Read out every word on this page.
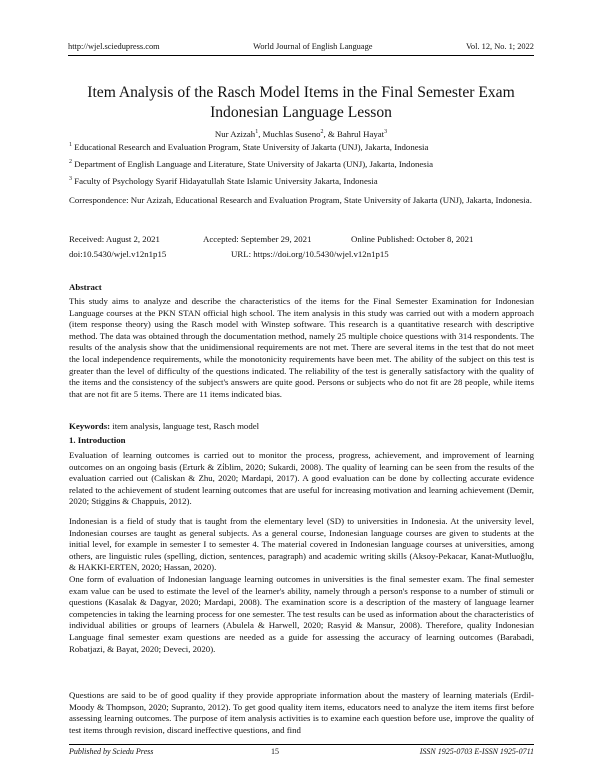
http://wjel.sciedupress.com	World Journal of English Language	Vol. 12, No. 1; 2022
Item Analysis of the Rasch Model Items in the Final Semester Exam
Indonesian Language Lesson
Nur Azizah$^1$, Muchlas Suseno$^2$, & Bahrul Hayat$^3$
$^1$ Educational Research and Evaluation Program, State University of Jakarta (UNJ), Jakarta, Indonesia
$^2$ Department of English Language and Literature, State University of Jakarta (UNJ), Jakarta, Indonesia
$^3$ Faculty of Psychology Syarif Hidayatullah State Islamic University Jakarta, Indonesia
Correspondence: Nur Azizah, Educational Research and Evaluation Program, State University of Jakarta (UNJ), Jakarta, Indonesia.
Received: August 2, 2021	Accepted: September 29, 2021	Online Published: October 8, 2021
doi:10.5430/wjel.v12n1p15	URL: https://doi.org/10.5430/wjel.v12n1p15
Abstract
This study aims to analyze and describe the characteristics of the items for the Final Semester Examination for Indonesian Language courses at the PKN STAN official high school. The item analysis in this study was carried out with a modern approach (item response theory) using the Rasch model with Winstep software. This research is a quantitative research with descriptive method. The data was obtained through the documentation method, namely 25 multiple choice questions with 314 respondents. The results of the analysis show that the unidimensional requirements are not met. There are several items in the test that do not meet the local independence requirements, while the monotonicity requirements have been met. The ability of the subject on this test is greater than the level of difficulty of the questions indicated. The reliability of the test is generally satisfactory with the quality of the items and the consistency of the subject's answers are quite good. Persons or subjects who do not fit are 28 people, while items that are not fit are 5 items. There are 11 items indicated bias.
Keywords: item analysis, language test, Rasch model
1. Introduction
Evaluation of learning outcomes is carried out to monitor the process, progress, achievement, and improvement of learning outcomes on an ongoing basis (Erturk & Zi̇blim, 2020; Sukardi, 2008). The quality of learning can be seen from the results of the evaluation carried out (Caliskan & Zhu, 2020; Mardapi, 2017). A good evaluation can be done by collecting accurate evidence related to the achievement of student learning outcomes that are useful for increasing motivation and learning achievement (Demir, 2020; Stiggins & Chappuis, 2012).
Indonesian is a field of study that is taught from the elementary level (SD) to universities in Indonesia. At the university level, Indonesian courses are taught as general subjects. As a general course, Indonesian language courses are given to students at the initial level, for example in semester I to semester 4. The material covered in Indonesian language courses at universities, among others, are linguistic rules (spelling, diction, sentences, paragraph) and academic writing skills (Aksoy-Pekacar, Kanat-Mutluoğlu, & HAKKI-ERTEN, 2020; Hassan, 2020).
One form of evaluation of Indonesian language learning outcomes in universities is the final semester exam. The final semester exam value can be used to estimate the level of the learner's ability, namely through a person's response to a number of stimuli or questions (Kasalak & Dagyar, 2020; Mardapi, 2008). The examination score is a description of the mastery of language learner competencies in taking the learning process for one semester. The test results can be used as information about the characteristics of individual abilities or groups of learners (Abulela & Harwell, 2020; Rasyid & Mansur, 2008). Therefore, quality Indonesian Language final semester exam questions are needed as a guide for assessing the accuracy of learning outcomes (Barabadi, Robatjazi, & Bayat, 2020; Deveci, 2020).
Questions are said to be of good quality if they provide appropriate information about the mastery of learning materials (Erdil-Moody & Thompson, 2020; Supranto, 2012). To get good quality item items, educators need to analyze the item items first before assessing learning outcomes. The purpose of item analysis activities is to examine each question before use, improve the quality of test items through revision, discard ineffective questions, and find
Published by Sciedu Press	15	ISSN 1925-0703 E-ISSN 1925-0711
